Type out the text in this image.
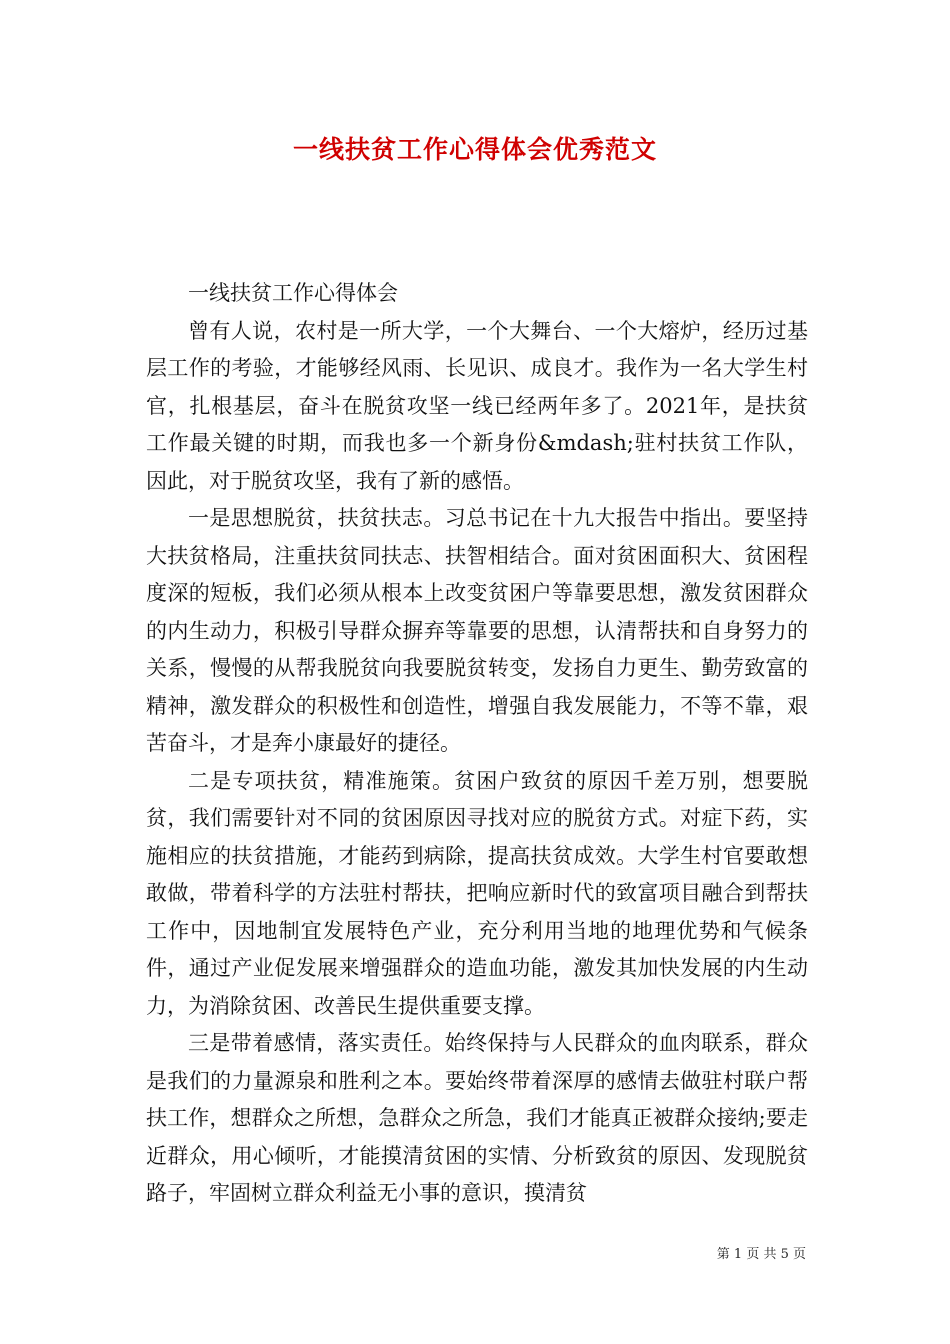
一线扶贫工作心得体会优秀范文

一线扶贫工作心得体会

曾有人说，农村是一所大学，一个大舞台、一个大熔炉，经历过基层工作的考验，才能够经风雨、长见识、成良才。我作为一名大学生村官，扎根基层，奋斗在脱贫攻坚一线已经两年多了。2021年，是扶贫工作最关键的时期，而我也多一个新身份&mdash;驻村扶贫工作队，因此，对于脱贫攻坚，我有了新的感悟。

一是思想脱贫，扶贫扶志。习总书记在十九大报告中指出。要坚持大扶贫格局，注重扶贫同扶志、扶智相结合。面对贫困面积大、贫困程度深的短板，我们必须从根本上改变贫困户等靠要思想，激发贫困群众的内生动力，积极引导群众摒弃等靠要的思想，认清帮扶和自身努力的关系，慢慢的从帮我脱贫向我要脱贫转变，发扬自力更生、勤劳致富的精神，激发群众的积极性和创造性，增强自我发展能力，不等不靠，艰苦奋斗，才是奔小康最好的捷径。

二是专项扶贫，精准施策。贫困户致贫的原因千差万别，想要脱贫，我们需要针对不同的贫困原因寻找对应的脱贫方式。对症下药，实施相应的扶贫措施，才能药到病除，提高扶贫成效。大学生村官要敢想敢做，带着科学的方法驻村帮扶，把响应新时代的致富项目融合到帮扶工作中，因地制宜发展特色产业，充分利用当地的地理优势和气候条件，通过产业促发展来增强群众的造血功能，激发其加快发展的内生动力，为消除贫困、改善民生提供重要支撑。

三是带着感情，落实责任。始终保持与人民群众的血肉联系，群众是我们的力量源泉和胜利之本。要始终带着深厚的感情去做驻村联户帮扶工作，想群众之所想，急群众之所急，我们才能真正被群众接纳;要走近群众，用心倾听，才能摸清贫困的实情、分析致贫的原因、发现脱贫路子，牢固树立群众利益无小事的意识，摸清贫

第 1 页 共 5 页
